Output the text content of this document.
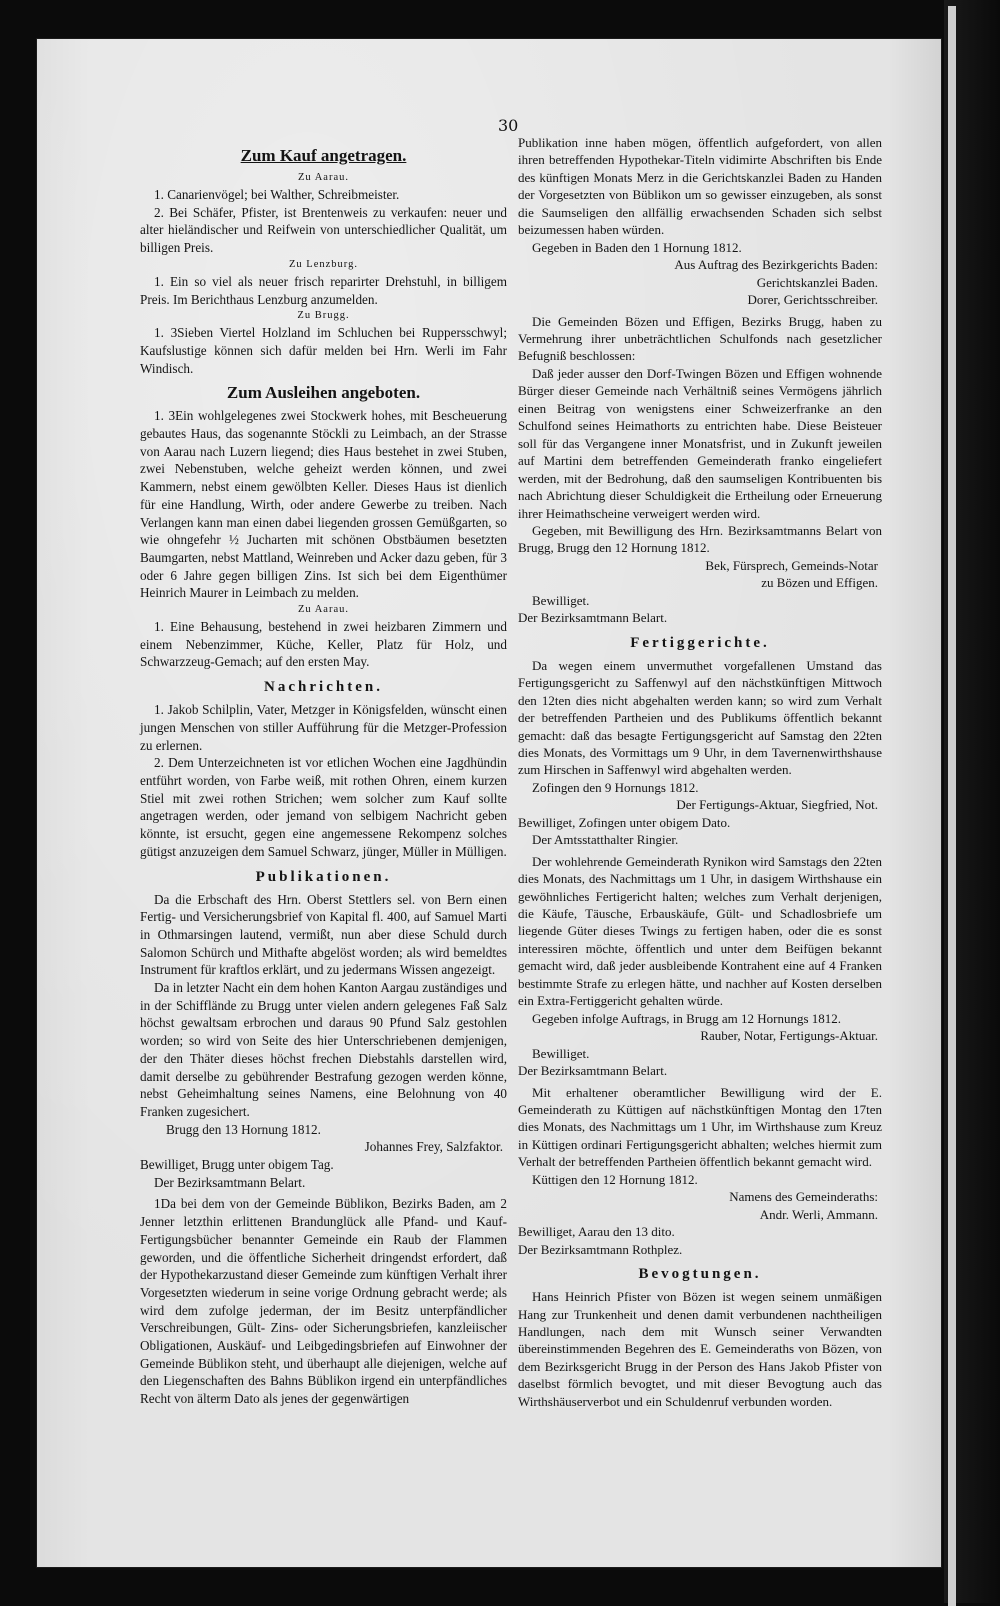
30
Zum Kauf angetragen.
Zu Aarau.

1. Canarienvögel; bei Walther, Schreibmeister.

2. Bei Schäfer, Pfister, ist Brentenweis zu verkaufen: neuer und alter hieländischer und Reifwein von unterschiedlicher Qualität, um billigen Preis.

Zu Lenzburg.

1. Ein so viel als neuer frisch reparirter Drehstuhl, in billigem Preis. Im Berichthaus Lenzburg anzumelden.

Zu Brugg.

1. 3Sieben Viertel Holzland im Schluchen bei Ruppersschwyl; Kaufslustige können sich dafür melden bei Hrn. Werli im Fahr Windisch.

Zum Ausleihen angeboten.

1. 3Ein wohlgelegenes zwei Stockwerk hohes, mit Bescheuerung gebautes Haus, das sogenannte Stöckli zu Leimbach, an der Strasse von Aarau nach Luzern liegend; dies Haus bestehet in zwei Stuben, zwei Nebenstuben, welche geheizt werden können, und zwei Kammern, nebst einem gewölbten Keller. Dieses Haus ist dienlich für eine Handlung, Wirth, oder andere Gewerbe zu treiben. Nach Verlangen kann man einen dabei liegenden grossen Gemüßgarten, so wie ohngefehr ½ Jucharten mit schönen Obstbäumen besetzten Baumgarten, nebst Mattland, Weinreben und Acker dazu geben, für 3 oder 6 Jahre gegen billigen Zins. Ist sich bei dem Eigenthümer Heinrich Maurer in Leimbach zu melden.

Zu Aarau.

1. Eine Behausung, bestehend in zwei heizbaren Zimmern und einem Nebenzimmer, Küche, Keller, Platz für Holz, und Schwarzzeug-Gemach; auf den ersten May.

Nachrichten.

1. Jakob Schilplin, Vater, Metzger in Königsfelden, wünscht einen jungen Menschen von stiller Aufführung für die Metzger-Profession zu erlernen.

2. Dem Unterzeichneten ist vor etlichen Wochen eine Jagdhündin entführt worden, von Farbe weiß, mit rothen Ohren, einem kurzen Stiel mit zwei rothen Strichen; wem solcher zum Kauf sollte angetragen werden, oder jemand von selbigem Nachricht geben könnte, ist ersucht, gegen eine angemessene Rekompenz solches gütigst anzuzeigen dem Samuel Schwarz, jünger, Müller in Mülligen.

Publikationen.

Da die Erbschaft des Hrn. Oberst Stettlers sel. von Bern einen Fertig- und Versicherungsbrief von Kapital fl. 400, auf Samuel Marti in Othmarsingen lautend, vermißt, nun aber diese Schuld durch Salomon Schürch und Mithafte abgelöst worden; als wird bemeldtes Instrument für kraftlos erklärt, und zu jedermans Wissen angezeigt.

Da in letzter Nacht ein dem hohen Kanton Aargau zuständiges und in der Schifflände zu Brugg unter vielen andern gelegenes Faß Salz höchst gewaltsam erbrochen und daraus 90 Pfund Salz gestohlen worden; so wird von Seite des hier Unterschriebenen demjenigen, der den Thäter dieses höchst frechen Diebstahls darstellen wird, damit derselbe zu gebührender Bestrafung gezogen werden könne, nebst Geheimhaltung seines Namens, eine Belohnung von 40 Franken zugesichert.

Brugg den 13 Hornung 1812.

Johannes Frey, Salzfaktor.

Bewilliget, Brugg unter obigem Tag.

Der Bezirksamtmann Belart.

1Da bei dem von der Gemeinde Büblikon, Bezirks Baden, am 2 Jenner letzthin erlittenen Brandunglück alle Pfand- und Kauf-Fertigungsbücher benannter Gemeinde ein Raub der Flammen geworden, und die öffentliche Sicherheit dringendst erfordert, daß der Hypothekarzustand dieser Gemeinde zum künftigen Verhalt ihrer Vorgesetzten wiederum in seine vorige Ordnung gebracht werde; als wird dem zufolge jederman, der im Besitz unterpfändlicher Verschreibungen, Gült- Zins- oder Sicherungsbriefen, kanzleiischer Obligationen, Auskäuf- und Leibgedingsbriefen auf Einwohner der Gemeinde Büblikon steht, und überhaupt alle diejenigen, welche auf den Liegenschaften des Bahns Büblikon irgend ein unterpfändliches Recht von älterm Dato als jenes der gegenwärtigen

Publikation inne haben mögen, öffentlich aufgefordert, von allen ihren betreffenden Hypothekar-Titeln vidimirte Abschriften bis Ende des künftigen Monats Merz in die Gerichtskanzlei Baden zu Handen der Vorgesetzten von Büblikon um so gewisser einzugeben, als sonst die Saumseligen den allfällig erwachsenden Schaden sich selbst beizumessen haben würden.

Gegeben in Baden den 1 Hornung 1812.

Aus Auftrag des Bezirkgerichts Baden:

Gerichtskanzlei Baden.

Dorer, Gerichtsschreiber.

Die Gemeinden Bözen und Effigen, Bezirks Brugg, haben zu Vermehrung ihrer unbeträchtlichen Schulfonds nach gesetzlicher Befugniß beschlossen:

Daß jeder ausser den Dorf-Twingen Bözen und Effigen wohnende Bürger dieser Gemeinde nach Verhältniß seines Vermögens jährlich einen Beitrag von wenigstens einer Schweizerfranke an den Schulfond seines Heimathorts zu entrichten habe. Diese Beisteuer soll für das Vergangene inner Monatsfrist, und in Zukunft jeweilen auf Martini dem betreffenden Gemeinderath franko eingeliefert werden, mit der Bedrohung, daß den saumseligen Kontribuenten bis nach Abrichtung dieser Schuldigkeit die Ertheilung oder Erneuerung ihrer Heimathscheine verweigert werden wird.

Gegeben, mit Bewilligung des Hrn. Bezirksamtmanns Belart von Brugg, Brugg den 12 Hornung 1812.

Bek, Fürsprech, Gemeinds-Notar

zu Bözen und Effigen.

Bewilliget.

Der Bezirksamtmann Belart.

Fertiggerichte.

Da wegen einem unvermuthet vorgefallenen Umstand das Fertigungsgericht zu Saffenwyl auf den nächstkünftigen Mittwoch den 12ten dies nicht abgehalten werden kann; so wird zum Verhalt der betreffenden Partheien und des Publikums öffentlich bekannt gemacht: daß das besagte Fertigungsgericht auf Samstag den 22ten dies Monats, des Vormittags um 9 Uhr, in dem Tavernenwirthshause zum Hirschen in Saffenwyl wird abgehalten werden.

Zofingen den 9 Hornungs 1812.

Der Fertigungs-Aktuar, Siegfried, Not.

Bewilliget, Zofingen unter obigem Dato.

Der Amtsstatthalter Ringier.

Der wohlehrende Gemeinderath Rynikon wird Samstags den 22ten dies Monats, des Nachmittags um 1 Uhr, in dasigem Wirthshause ein gewöhnliches Fertigericht halten; welches zum Verhalt derjenigen, die Käufe, Täusche, Erbauskäufe, Gült- und Schadlosbriefe um liegende Güter dieses Twings zu fertigen haben, oder die es sonst interessiren möchte, öffentlich und unter dem Beifügen bekannt gemacht wird, daß jeder ausbleibende Kontrahent eine auf 4 Franken bestimmte Strafe zu erlegen hätte, und nachher auf Kosten derselben ein Extra-Fertiggericht gehalten würde.

Gegeben infolge Auftrags, in Brugg am 12 Hornungs 1812.

Rauber, Notar, Fertigungs-Aktuar.

Bewilliget.

Der Bezirksamtmann Belart.

Mit erhaltener oberamtlicher Bewilligung wird der E. Gemeinderath zu Küttigen auf nächstkünftigen Montag den 17ten dies Monats, des Nachmittags um 1 Uhr, im Wirthshause zum Kreuz in Küttigen ordinari Fertigungsgericht abhalten; welches hiermit zum Verhalt der betreffenden Partheien öffentlich bekannt gemacht wird.

Küttigen den 12 Hornung 1812.

Namens des Gemeinderaths:

Andr. Werli, Ammann.

Bewilliget, Aarau den 13 dito.

Der Bezirksamtmann Rothplez.

Bevogtungen.

Hans Heinrich Pfister von Bözen ist wegen seinem unmäßigen Hang zur Trunkenheit und denen damit verbundenen nachtheiligen Handlungen, nach dem mit Wunsch seiner Verwandten übereinstimmenden Begehren des E. Gemeinderaths von Bözen, von dem Bezirksgericht Brugg in der Person des Hans Jakob Pfister von daselbst förmlich bevogtet, und mit dieser Bevogtung auch das Wirthshäuserverbot und ein Schuldenruf verbunden worden.
